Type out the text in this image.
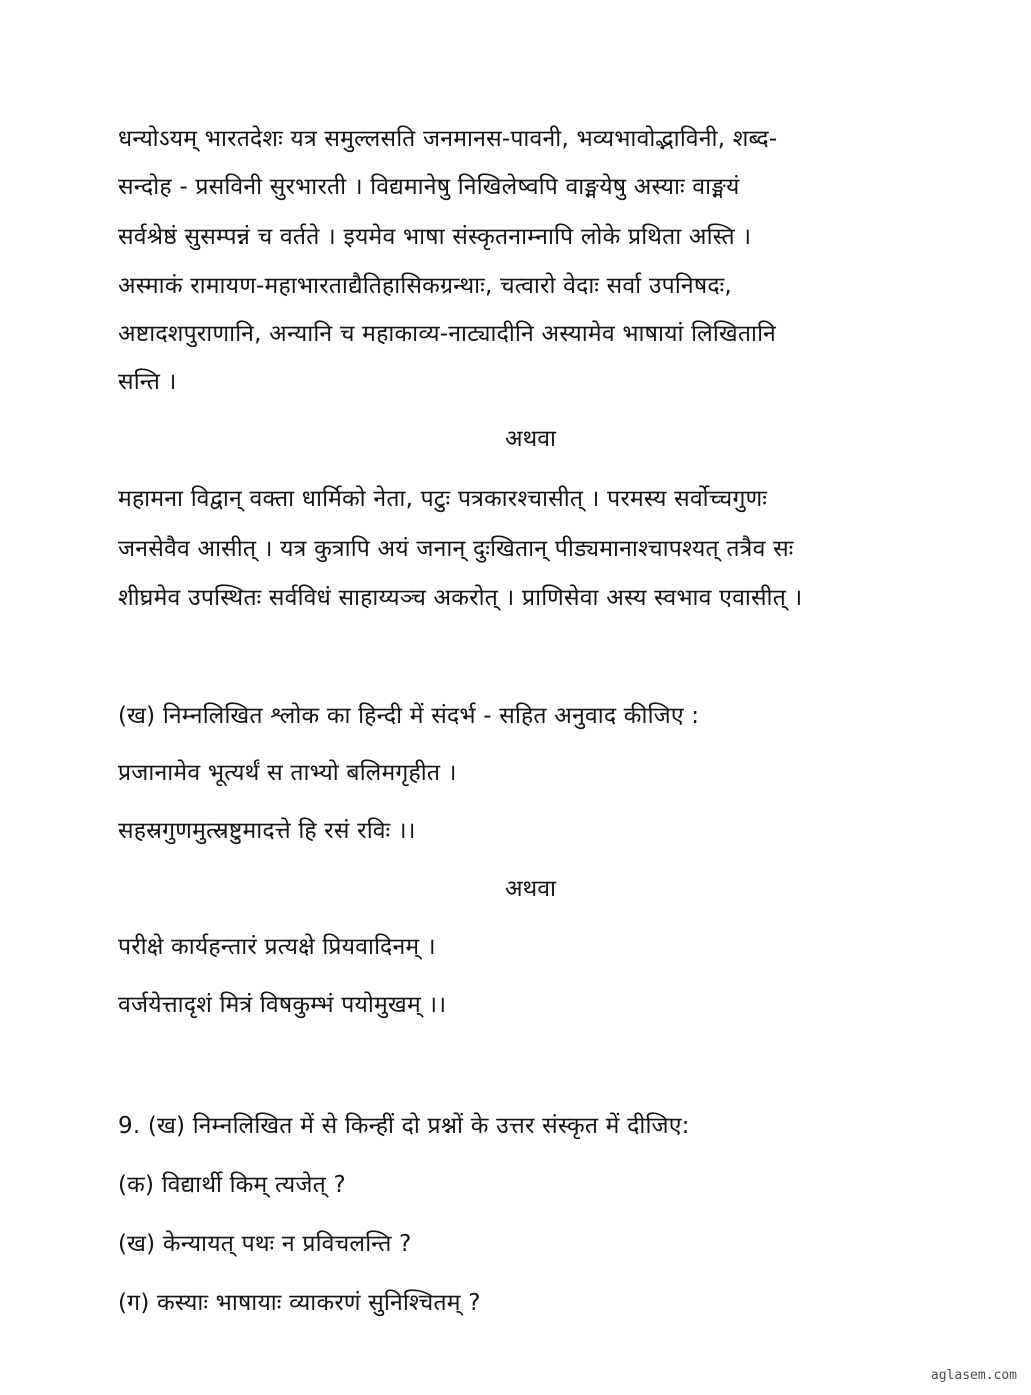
धन्योऽयम् भारतदेशः यत्र समुल्लसति जनमानस-पावनी, भव्यभावोद्भाविनी, शब्द-
सन्दोह - प्रसविनी सुरभारती । विद्यमानेषु निखिलेष्वपि वाङ्मयेषु अस्याः वाङ्मयं
सर्वश्रेष्ठं सुसम्पन्नं च वर्तते । इयमेव भाषा संस्कृतनाम्नापि लोके प्रथिता अस्ति ।
अस्माकं रामायण-महाभारताद्यैतिहासिकग्रन्थाः, चत्वारो वेदाः सर्वा उपनिषदः,
अष्टादशपुराणानि, अन्यानि च महाकाव्य-नाट्यादीनि अस्यामेव भाषायां लिखितानि
सन्ति ।
अथवा
महामना विद्वान् वक्ता धार्मिको नेता, पटुः पत्रकारश्चासीत् । परमस्य सर्वोच्चगुणः
जनसेवैव आसीत् । यत्र कुत्रापि अयं जनान् दुःखितान् पीड्यमानाश्चापश्यत् तत्रैव सः
शीघ्रमेव उपस्थितः सर्वविधं साहाय्यञ्च अकरोत् । प्राणिसेवा अस्य स्वभाव एवासीत् ।
(ख) निम्नलिखित श्लोक का हिन्दी में संदर्भ - सहित अनुवाद कीजिए :
प्रजानामेव भूत्यर्थं स ताभ्यो बलिमगृहीत ।
सहस्रगुणमुत्स्रष्टुमादत्ते हि रसं रविः ।।
अथवा
परीक्षे कार्यहन्तारं प्रत्यक्षे प्रियवादिनम् ।
वर्जयेत्तादृशं मित्रं विषकुम्भं पयोमुखम् ।।
9. (ख) निम्नलिखित में से किन्हीं दो प्रश्नों के उत्तर संस्कृत में दीजिए:
(क) विद्यार्थी किम् त्यजेत् ?
(ख) केन्यायत् पथः न प्रविचलन्ति ?
(ग) कस्याः भाषायाः व्याकरणं सुनिश्चितम् ?
aglasem.com
